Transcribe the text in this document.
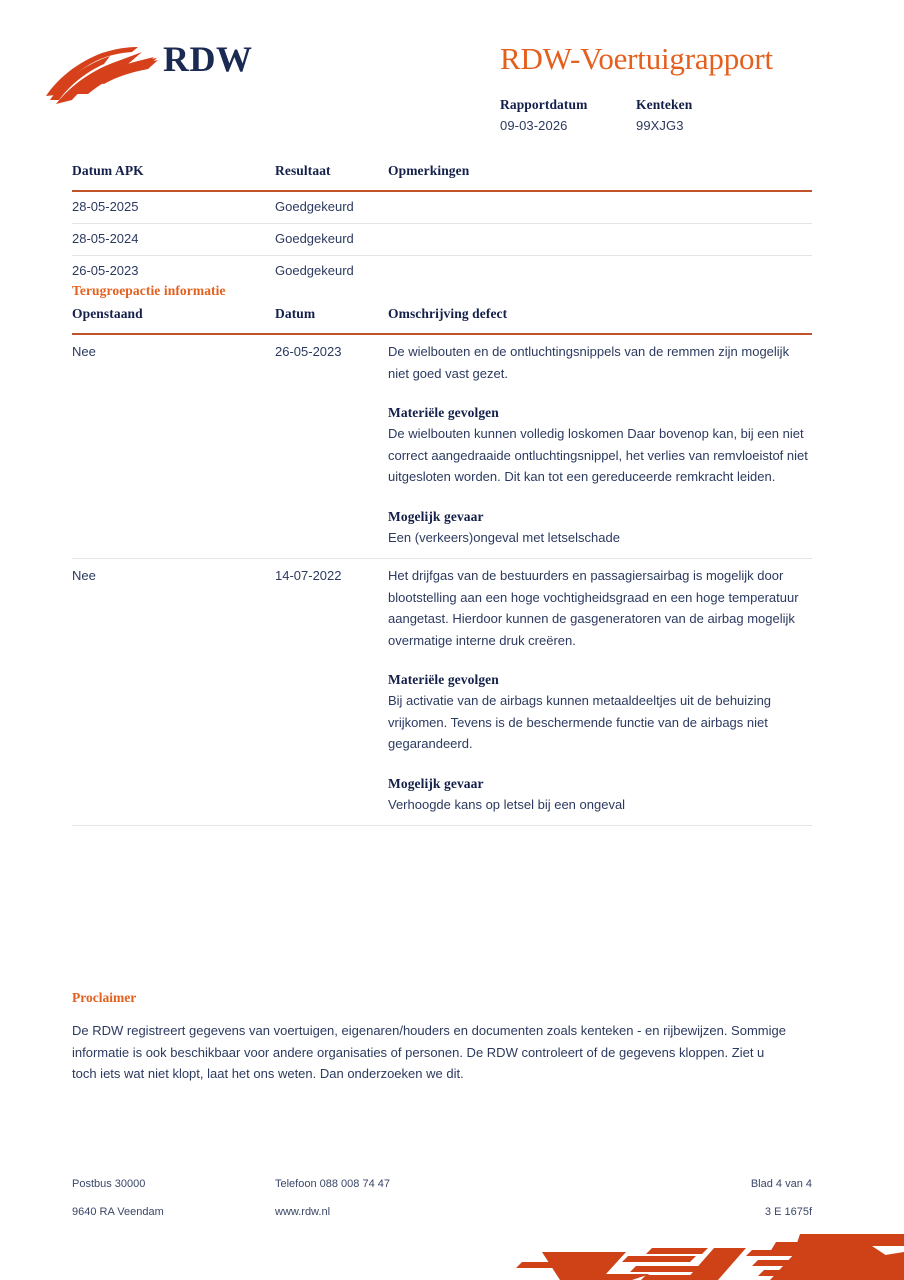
RDW	RDW-Voertuigrapport
Rapportdatum
09-03-2026
Kenteken
99XJG3
Datum APK	Resultaat	Opmerkingen
28-05-2025	Goedgekeurd
28-05-2024	Goedgekeurd
26-05-2023	Goedgekeurd
Terugroepactie informatie
Openstaand	Datum	Omschrijving defect
Nee	26-05-2023	De wielbouten en de ontluchtingsnippels van de remmen zijn mogelijk niet goed vast gezet.

Materiële gevolgen

De wielbouten kunnen volledig loskomen Daar bovenop kan, bij een niet correct aangedraaide ontluchtingsnippel, het verlies van remvloeistof niet uitgesloten worden. Dit kan tot een gereduceerde remkracht leiden.

Mogelijk gevaar

Een (verkeers)ongeval met letselschade

Nee	14-07-2022	Het drijfgas van de bestuurders en passagiersairbag is mogelijk door blootstelling aan een hoge vochtigheidsgraad en een hoge temperatuur aangetast. Hierdoor kunnen de gasgeneratoren van de airbag mogelijk overmatige interne druk creëren.

Materiële gevolgen

Bij activatie van de airbags kunnen metaaldeeltjes uit de behuizing vrijkomen. Tevens is de beschermende functie van de airbags niet gegarandeerd.

Mogelijk gevaar

Verhoogde kans op letsel bij een ongeval

Proclaimer
De RDW registreert gegevens van voertuigen, eigenaren/houders en documenten zoals kenteken - en rijbewijzen. Sommige informatie is ook beschikbaar voor andere organisaties of personen. De RDW controleert of de gegevens kloppen. Ziet u toch iets wat niet klopt, laat het ons weten. Dan onderzoeken we dit.
Postbus 30000	Telefoon 088 008 74 47	Blad 4 van 4
9640 RA Veendam	www.rdw.nl	3 E 1675f
